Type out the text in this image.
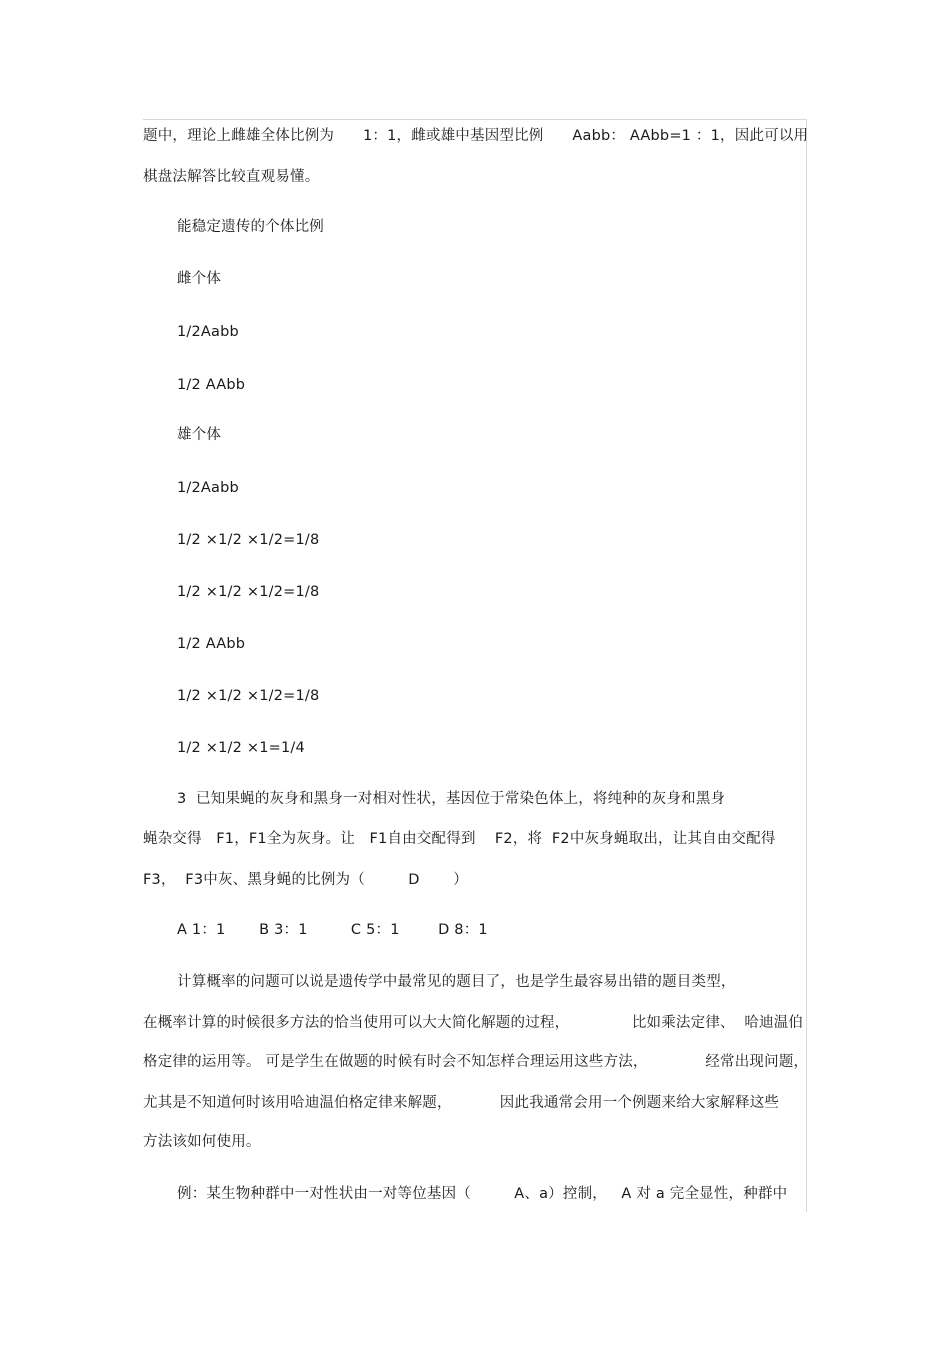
题中，理论上雌雄全体比例为      1：1，雌或雄中基因型比例      Aabb： AAbb=1 ：1，因此可以用
棋盘法解答比较直观易懂。
能稳定遗传的个体比例
雌个体
1/2Aabb
1/2 AAbb
雄个体
1/2Aabb
1/2 ×1/2 ×1/2=1/8
1/2 ×1/2 ×1/2=1/8
1/2 AAbb
1/2 ×1/2 ×1/2=1/8
1/2 ×1/2 ×1=1/4
3  已知果蝇的灰身和黑身一对相对性状，基因位于常染色体上，将纯种的灰身和黑身
蝇杂交得   F1，F1全为灰身。让   F1自由交配得到    F2，将  F2中灰身蝇取出，让其自由交配得
F3，  F3中灰、黑身蝇的比例为（         D       ）
A 1：1       B 3：1         C 5：1        D 8：1
计算概率的问题可以说是遗传学中最常见的题目了，也是学生最容易出错的题目类型，
在概率计算的时候很多方法的恰当使用可以大大简化解题的过程，             比如乘法定律、  哈迪温伯
格定律的运用等。 可是学生在做题的时候有时会不知怎样合理运用这些方法，            经常出现问题，
尤其是不知道何时该用哈迪温伯格定律来解题，          因此我通常会用一个例题来给大家解释这些
方法该如何使用。
例：某生物种群中一对性状由一对等位基因（         A、a）控制，   A 对 a 完全显性，种群中
